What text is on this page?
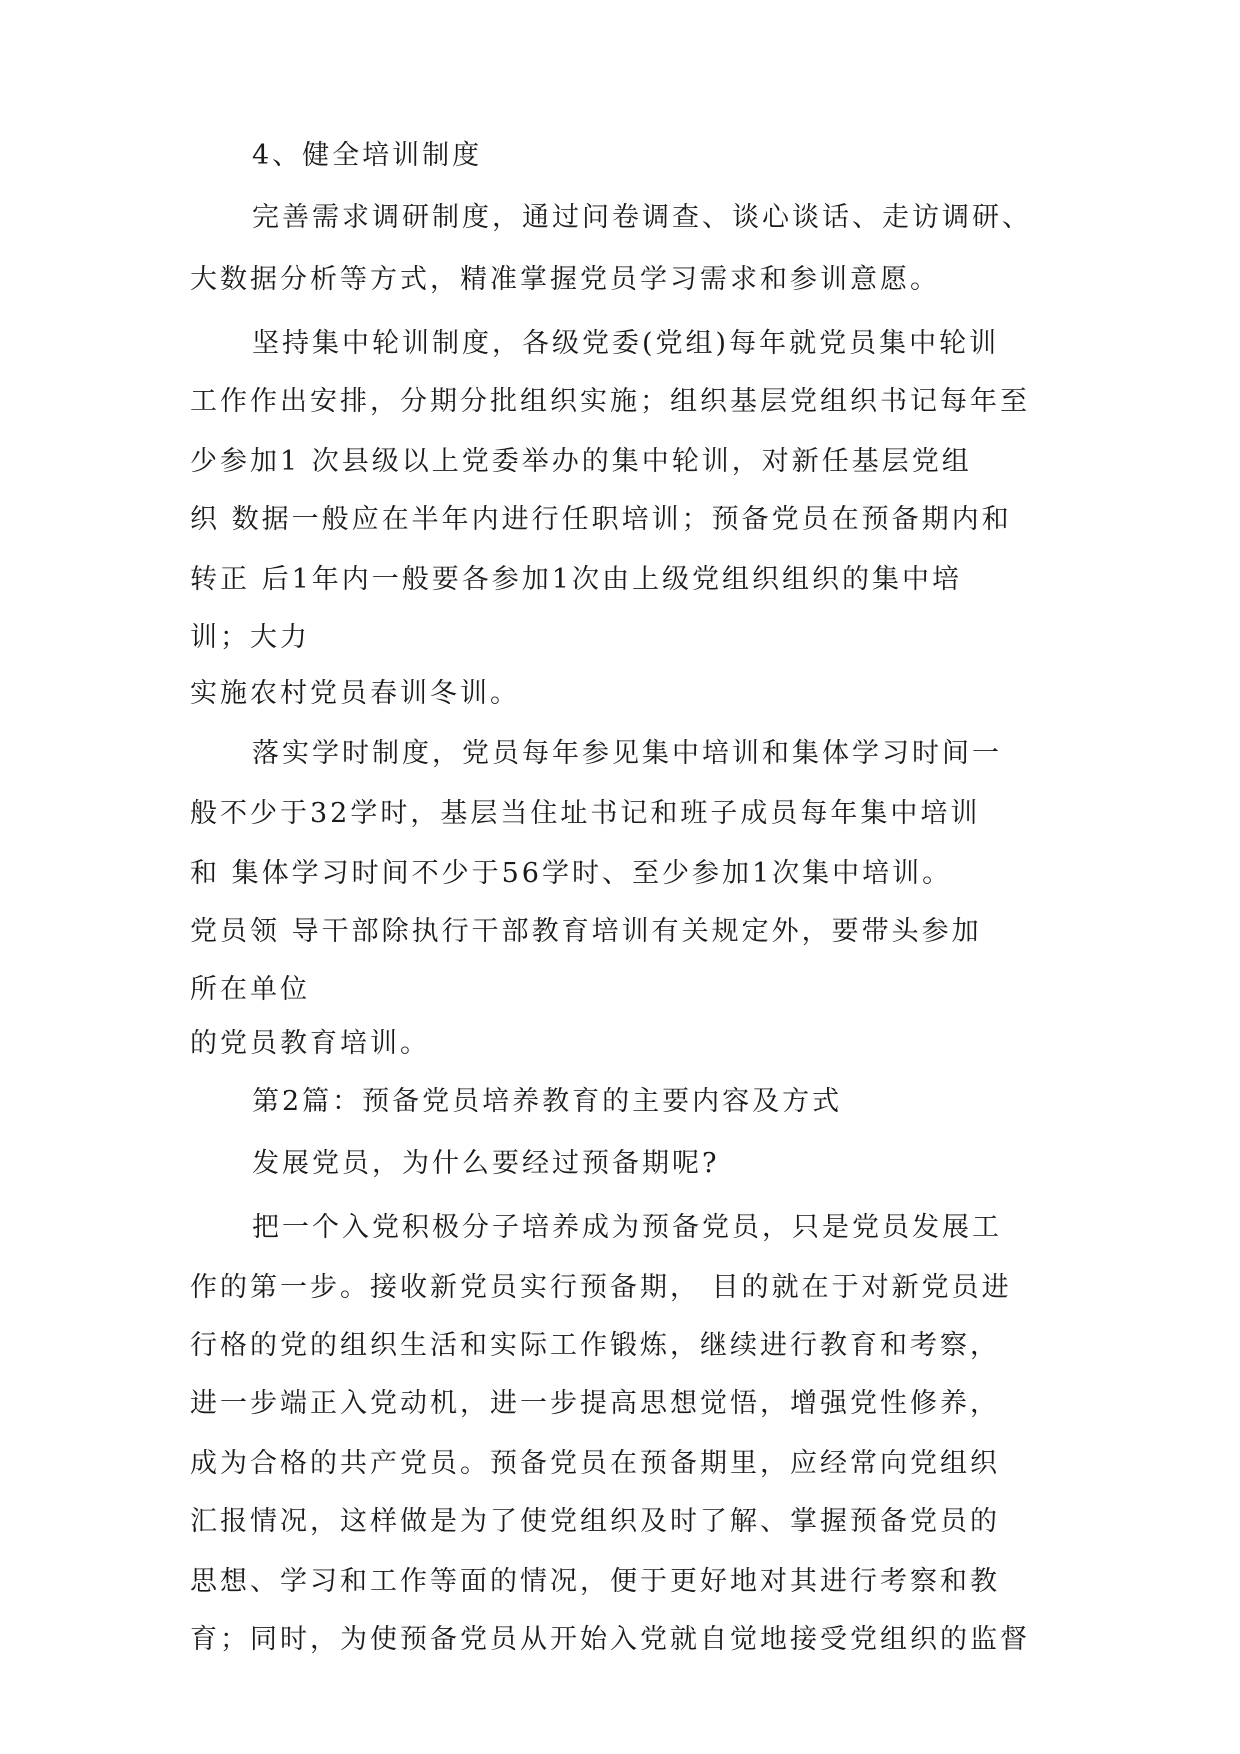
4、健全培训制度
完善需求调研制度，通过问卷调查、谈心谈话、走访调研、
大数据分析等方式，精准掌握党员学习需求和参训意愿。
坚持集中轮训制度，各级党委(党组)每年就党员集中轮训
工作作出安排，分期分批组织实施；组织基层党组织书记每年至
少参加1 次县级以上党委举办的集中轮训，对新任基层党组
织 数据一般应在半年内进行任职培训；预备党员在预备期内和
转正 后1年内一般要各参加1次由上级党组织组织的集中培
训；大力
实施农村党员春训冬训。
落实学时制度，党员每年参见集中培训和集体学习时间一
般不少于32学时，基层当住址书记和班子成员每年集中培训
和 集体学习时间不少于56学时、至少参加1次集中培训。
党员领 导干部除执行干部教育培训有关规定外，要带头参加
所在单位
的党员教育培训。
第2篇：预备党员培养教育的主要内容及方式
发展党员，为什么要经过预备期呢?
把一个入党积极分子培养成为预备党员，只是党员发展工
作的第一步。接收新党员实行预备期， 目的就在于对新党员进
行格的党的组织生活和实际工作锻炼，继续进行教育和考察，
进一步端正入党动机，进一步提高思想觉悟，增强党性修养，
成为合格的共产党员。预备党员在预备期里，应经常向党组织
汇报情况，这样做是为了使党组织及时了解、掌握预备党员的
思想、学习和工作等面的情况，便于更好地对其进行考察和教
育；同时，为使预备党员从开始入党就自觉地接受党组织的监督
